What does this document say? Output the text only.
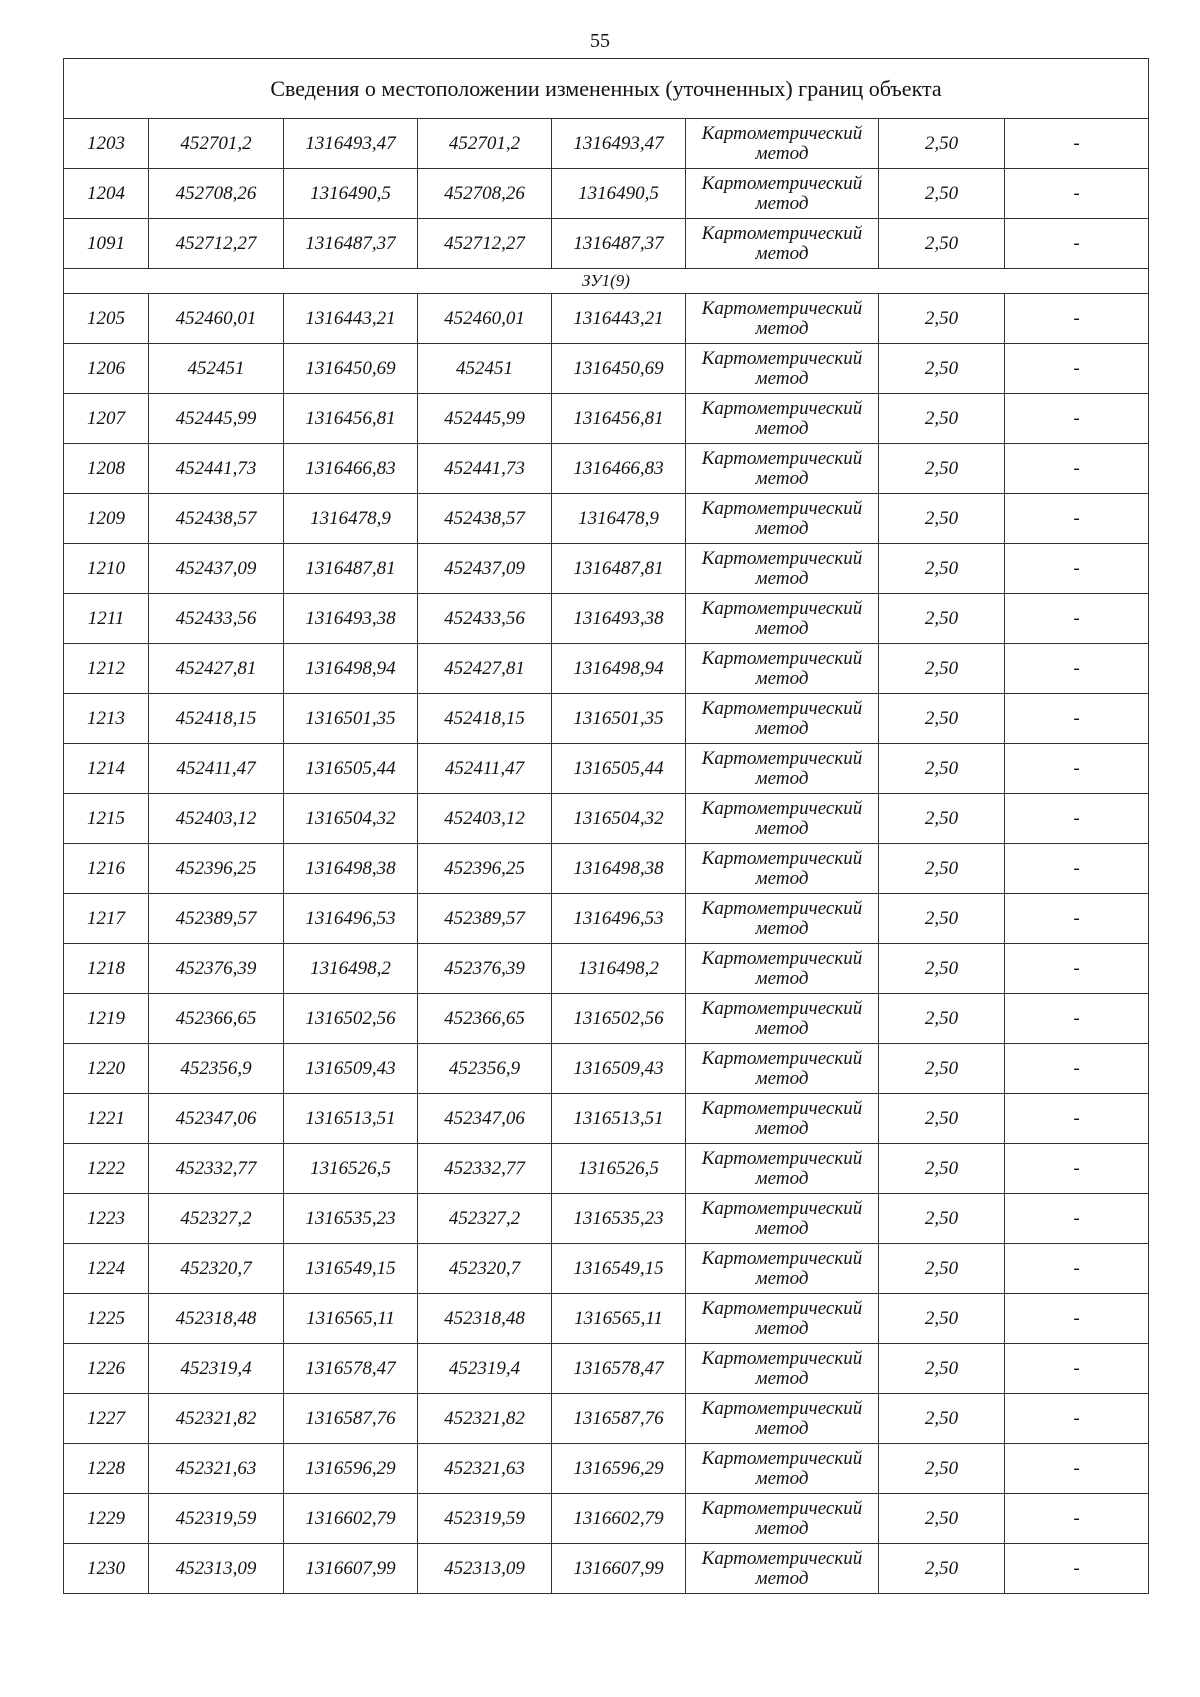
55
Сведения о местоположении измененных (уточненных) границ объекта							
1203	452701,2	1316493,47	452701,2	1316493,47	Картометрический метод	2,50	-
1204	452708,26	1316490,5	452708,26	1316490,5	Картометрический метод	2,50	-
1091	452712,27	1316487,37	452712,27	1316487,37	Картометрический метод	2,50	-
ЗУ1(9)							
1205	452460,01	1316443,21	452460,01	1316443,21	Картометрический метод	2,50	-
1206	452451	1316450,69	452451	1316450,69	Картометрический метод	2,50	-
1207	452445,99	1316456,81	452445,99	1316456,81	Картометрический метод	2,50	-
1208	452441,73	1316466,83	452441,73	1316466,83	Картометрический метод	2,50	-
1209	452438,57	1316478,9	452438,57	1316478,9	Картометрический метод	2,50	-
1210	452437,09	1316487,81	452437,09	1316487,81	Картометрический метод	2,50	-
1211	452433,56	1316493,38	452433,56	1316493,38	Картометрический метод	2,50	-
1212	452427,81	1316498,94	452427,81	1316498,94	Картометрический метод	2,50	-
1213	452418,15	1316501,35	452418,15	1316501,35	Картометрический метод	2,50	-
1214	452411,47	1316505,44	452411,47	1316505,44	Картометрический метод	2,50	-
1215	452403,12	1316504,32	452403,12	1316504,32	Картометрический метод	2,50	-
1216	452396,25	1316498,38	452396,25	1316498,38	Картометрический метод	2,50	-
1217	452389,57	1316496,53	452389,57	1316496,53	Картометрический метод	2,50	-
1218	452376,39	1316498,2	452376,39	1316498,2	Картометрический метод	2,50	-
1219	452366,65	1316502,56	452366,65	1316502,56	Картометрический метод	2,50	-
1220	452356,9	1316509,43	452356,9	1316509,43	Картометрический метод	2,50	-
1221	452347,06	1316513,51	452347,06	1316513,51	Картометрический метод	2,50	-
1222	452332,77	1316526,5	452332,77	1316526,5	Картометрический метод	2,50	-
1223	452327,2	1316535,23	452327,2	1316535,23	Картометрический метод	2,50	-
1224	452320,7	1316549,15	452320,7	1316549,15	Картометрический метод	2,50	-
1225	452318,48	1316565,11	452318,48	1316565,11	Картометрический метод	2,50	-
1226	452319,4	1316578,47	452319,4	1316578,47	Картометрический метод	2,50	-
1227	452321,82	1316587,76	452321,82	1316587,76	Картометрический метод	2,50	-
1228	452321,63	1316596,29	452321,63	1316596,29	Картометрический метод	2,50	-
1229	452319,59	1316602,79	452319,59	1316602,79	Картометрический метод	2,50	-
1230	452313,09	1316607,99	452313,09	1316607,99	Картометрический метод	2,50	-
